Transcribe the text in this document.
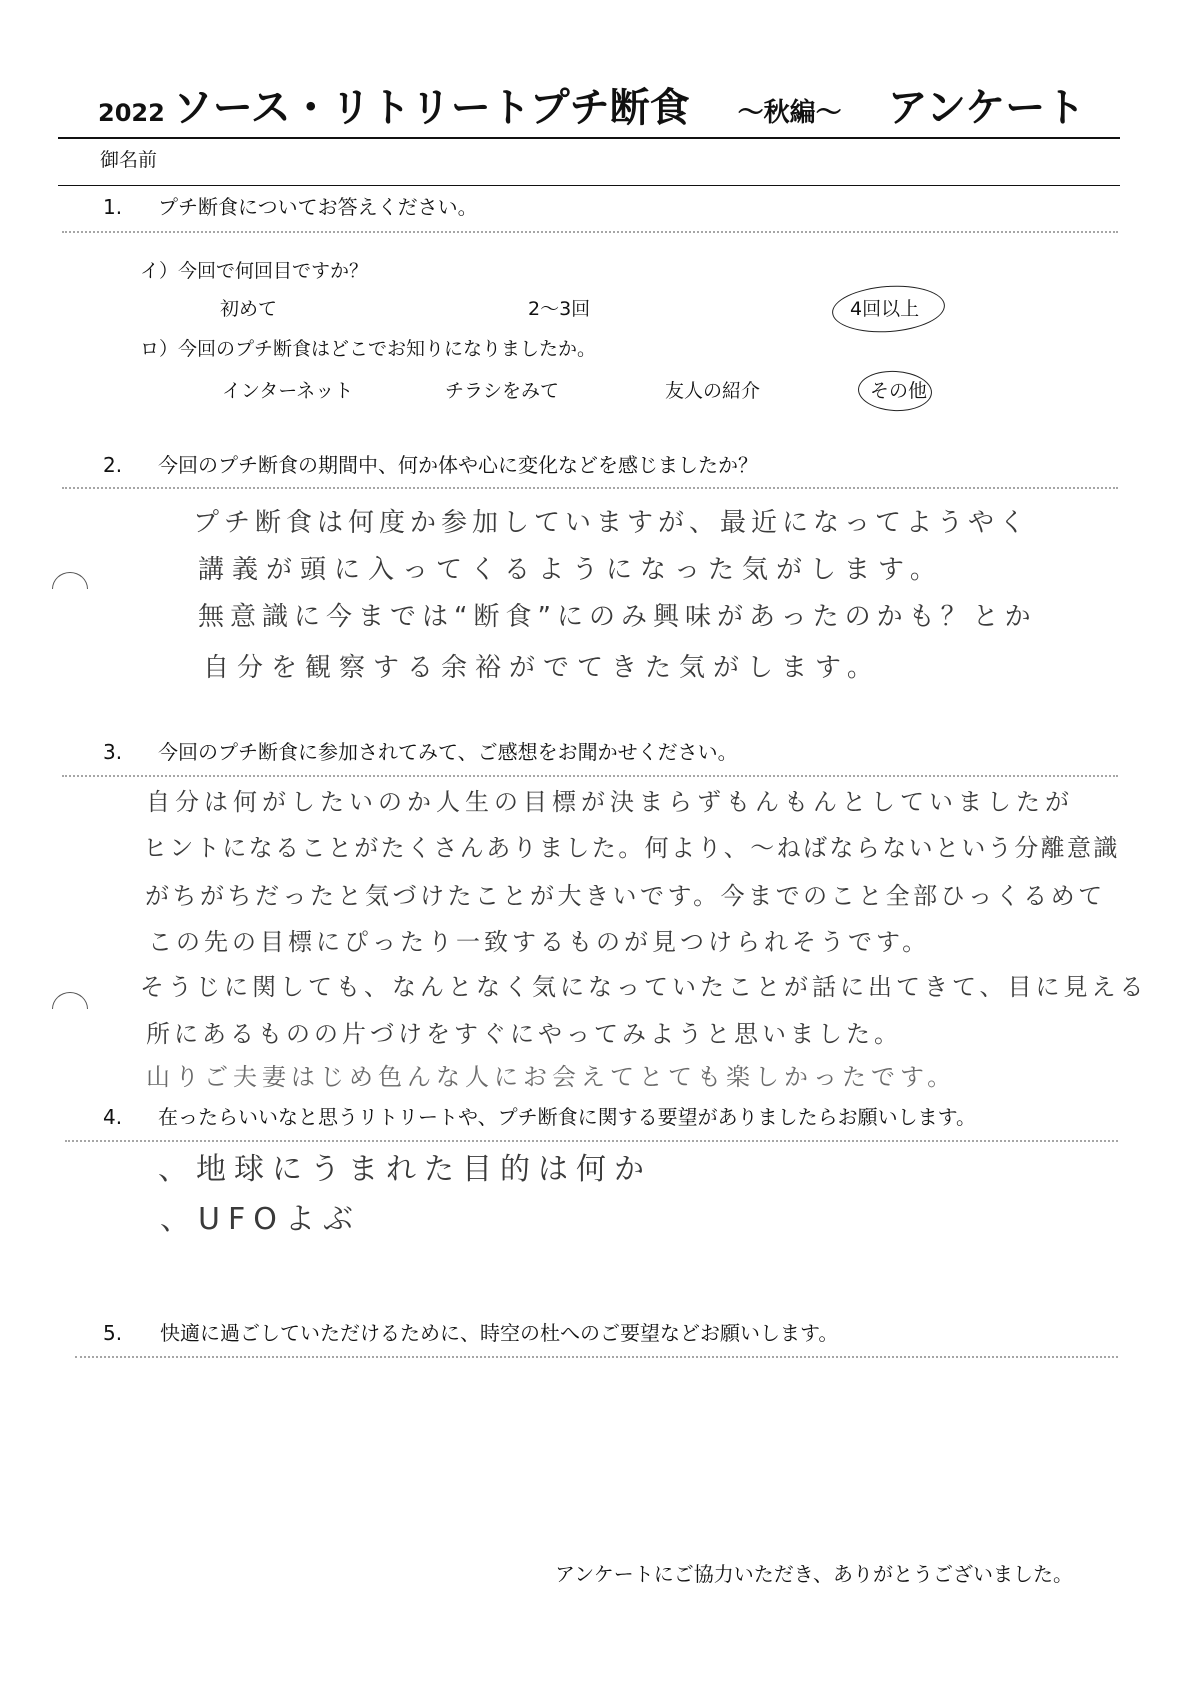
2022 ソース・リトリートプチ断食 ～秋編～ アンケート
御名前
1. プチ断食についてお答えください。
イ）今回で何回目ですか？
初めて	2～3回	4回以上
ロ）今回のプチ断食はどこでお知りになりましたか。
インターネット	チラシをみて	友人の紹介	その他
2. 今回のプチ断食の期間中、何か体や心に変化などを感じましたか？
プチ断食は何度か参加していますが、最近になってようやく
講義が頭に入ってくるようになった気がします。
無意識に今までは“断食”にのみ興味があったのかも？とか
自分を観察する余裕がでてきた気がします。
3. 今回のプチ断食に参加されてみて、ご感想をお聞かせください。
自分は何がしたいのか人生の目標が決まらずもんもんとしていましたが
ヒントになることがたくさんありました。何より、～ねばならないという分離意識
がちがちだったと気づけたことが大きいです。今までのこと全部ひっくるめて
この先の目標にぴったり一致するものが見つけられそうです。
そうじに関しても、なんとなく気になっていたことが話に出てきて、目に見える
所にあるものの片づけをすぐにやってみようと思いました。
山りご夫妻はじめ色んな人にお会えてとても楽しかったです。
4. 在ったらいいなと思うリトリートや、プチ断食に関する要望がありましたらお願いします。
、地球にうまれた目的は何か
、UFOよぶ
5. 快適に過ごしていただけるために、時空の杜へのご要望などお願いします。
アンケートにご協力いただき、ありがとうございました。
